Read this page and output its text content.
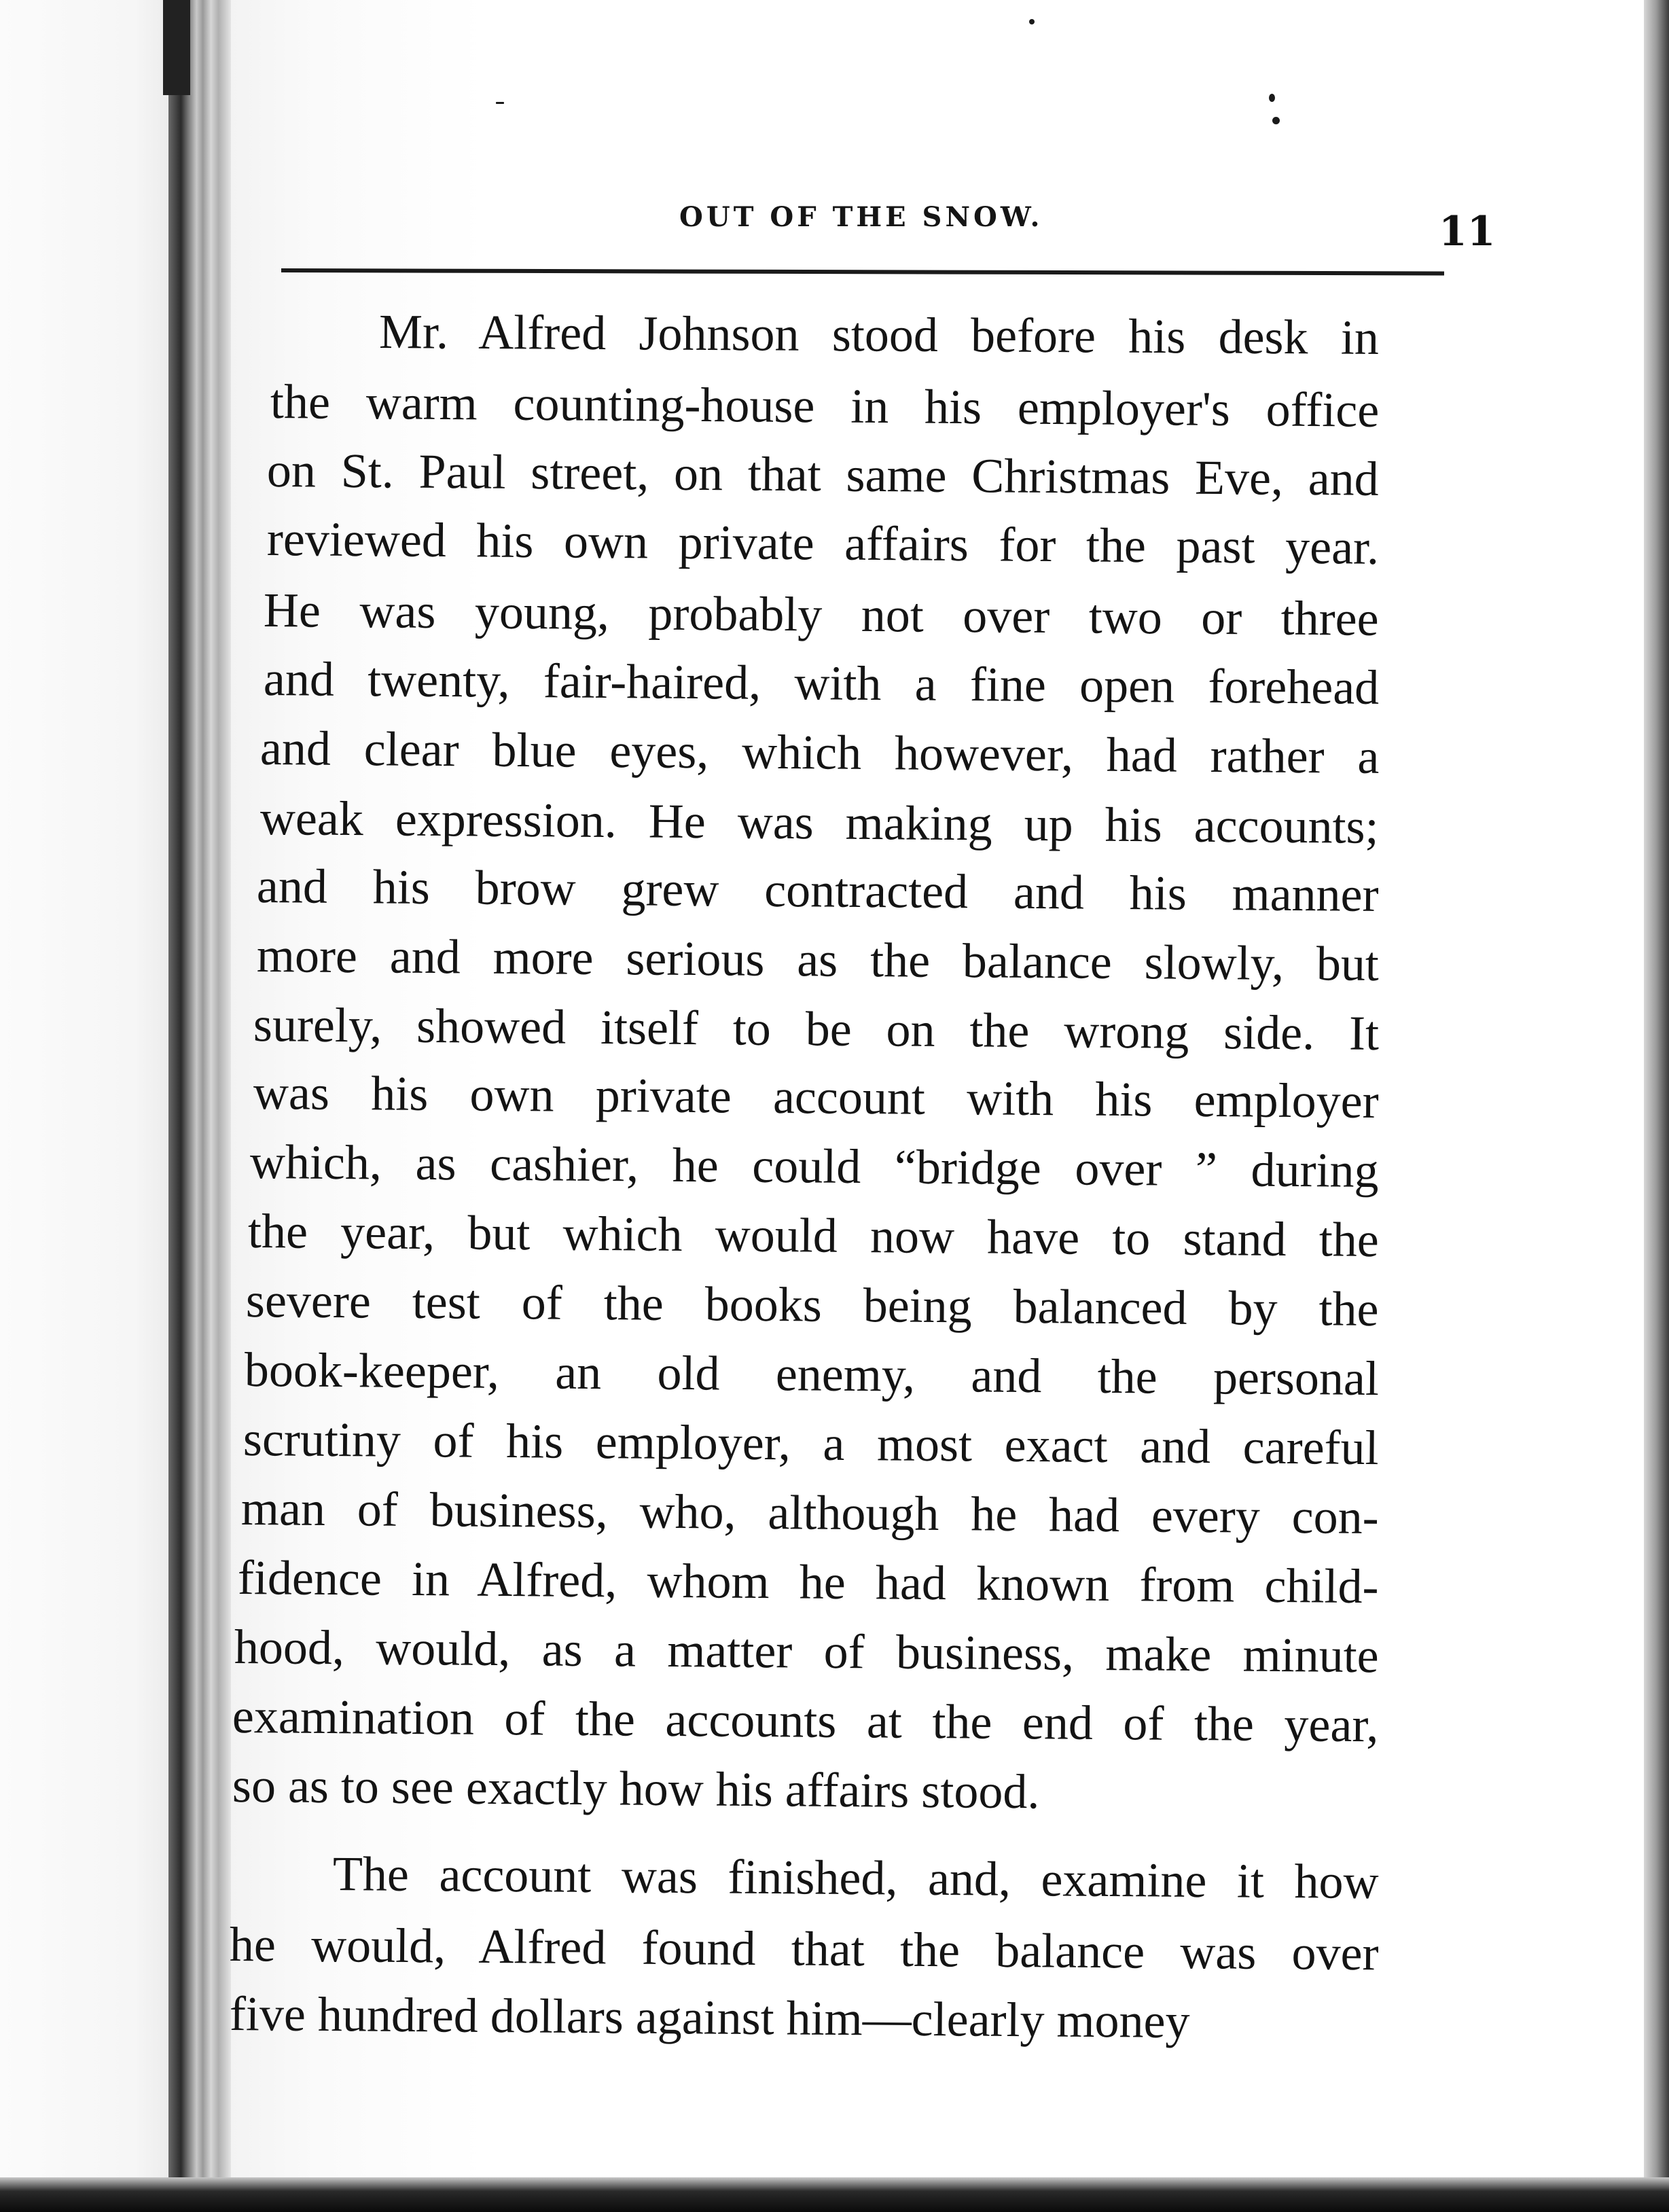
OUT OF THE SNOW.	11
Mr. Alfred Johnson stood before his desk in
the warm counting-house in his employer's office
on St. Paul street, on that same Christmas Eve, and
reviewed his own private affairs for the past year.
He was young, probably not over two or three
and twenty, fair-haired, with a fine open forehead
and clear blue eyes, which however, had rather a
weak expression. He was making up his accounts;
and his brow grew contracted and his manner
more and more serious as the balance slowly, but
surely, showed itself to be on the wrong side. It
was his own private account with his employer
which, as cashier, he could “bridge over ” during
the year, but which would now have to stand the
severe test of the books being balanced by the
book-keeper, an old enemy, and the personal
scrutiny of his employer, a most exact and careful
man of business, who, although he had every con-
fidence in Alfred, whom he had known from child-
hood, would, as a matter of business, make minute
examination of the accounts at the end of the year,
so as to see exactly how his affairs stood.
The account was finished, and, examine it how
he would, Alfred found that the balance was over
five hundred dollars against him—clearly money
